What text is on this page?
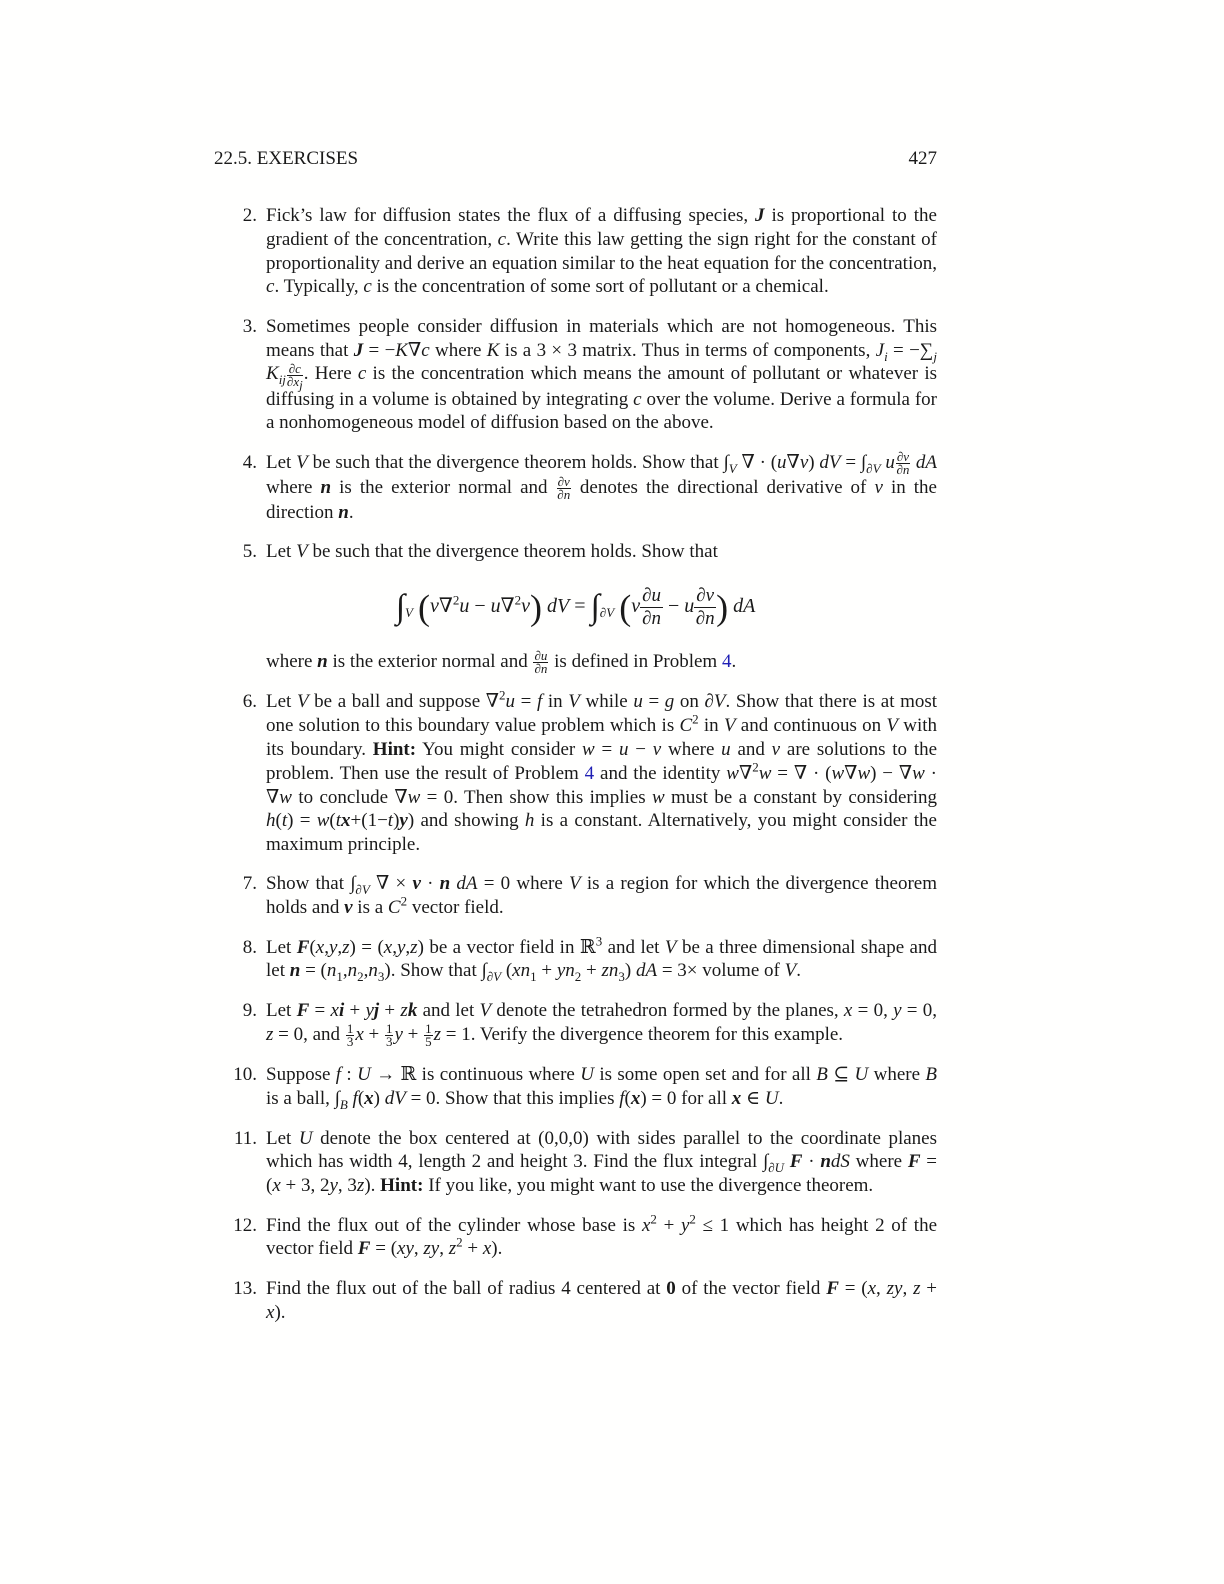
22.5. EXERCISES	427
2. Fick’s law for diffusion states the flux of a diffusing species, J is proportional to the gradient of the concentration, c. Write this law getting the sign right for the constant of proportionality and derive an equation similar to the heat equation for the concentration, c. Typically, c is the concentration of some sort of pollutant or a chemical.
3. Sometimes people consider diffusion in materials which are not homogeneous. This means that J = −K∇c where K is a 3 × 3 matrix. Thus in terms of components, $J_i = -\sum_j$ $K_{ij} \frac{\partial c}{\partial x_j}$ . Here c is the concentration which means the amount of pollutant or whatever is diffusing in a volume is obtained by integrating c over the volume. Derive a formula for a nonhomogeneous model of diffusion based on the above.
4. Let V be such that the divergence theorem holds. Show that $\int_V$ ∇ · (u∇v) dV = $\int_{\partial V}$ u $\frac{\partial v}{\partial n}$ dA where n is the exterior normal and $\frac{\partial v}{\partial n}$ denotes the directional derivative of v in the direction n.
5. Let V be such that the divergence theorem holds. Show that
$\int_V$ (v∇$^2$u − u∇$^2$v) dV = $\int_{\partial V}$ ($v \frac{\partial u}{\partial n} - u \frac{\partial v}{\partial n}$ ) dA
where n is the exterior normal and $\frac{\partial u}{\partial n}$ is defined in Problem 4.
6. Let V be a ball and suppose ∇$^2$u = f in V while u = g on ∂V. Show that there is at most one solution to this boundary value problem which is $C^2$ in V and continuous on V with its boundary. Hint: You might consider w = u − v where u and v are solutions to the problem. Then use the result of Problem 4 and the identity w∇$^2$w = ∇ · (w∇w) − ∇w · ∇w to conclude ∇w = 0. Then show this implies w must be a constant by considering h(t) = w(tx+(1−t)y) and showing h is a constant. Alternatively, you might consider the maximum principle.
7. Show that $\int_{\partial V}$ ∇ × v · n dA = 0 where V is a region for which the divergence theorem holds and v is a $C^2$ vector field.
8. Let F(x,y,z) = (x,y,z) be a vector field in ℝ$^3$ and let V be a three dimensional shape and let $n = (n_1,n_2,n_3)$. Show that $\int_{\partial V}$ $(xn_1 + yn_2 + zn_3)$ dA = 3× volume of V.
9. Let F = xi + yj + zk and let V denote the tetrahedron formed by the planes, x = 0, y = 0, z = 0, and $\frac{1}{3}$ $x + \frac{1}{3}$ $y + \frac{1}{5}$ z = 1. Verify the divergence theorem for this example.
10. Suppose f : U → ℝ is continuous where U is some open set and for all B ⊆ U where B is a ball, $\int_B$ f(x) dV = 0. Show that this implies f(x) = 0 for all x ∈ U.
11. Let U denote the box centered at (0,0,0) with sides parallel to the coordinate planes which has width 4, length 2 and height 3. Find the flux integral $\int_{\partial U}$ F · ndS where F = (x + 3, 2y, 3z). Hint: If you like, you might want to use the divergence theorem.
12. Find the flux out of the cylinder whose base is $x^2 + y^2 \le 1$ which has height 2 of the vector field F = (xy, zy, $z^2 + x$).
13. Find the flux out of the ball of radius 4 centered at 0 of the vector field F = (x, zy, z + x).
